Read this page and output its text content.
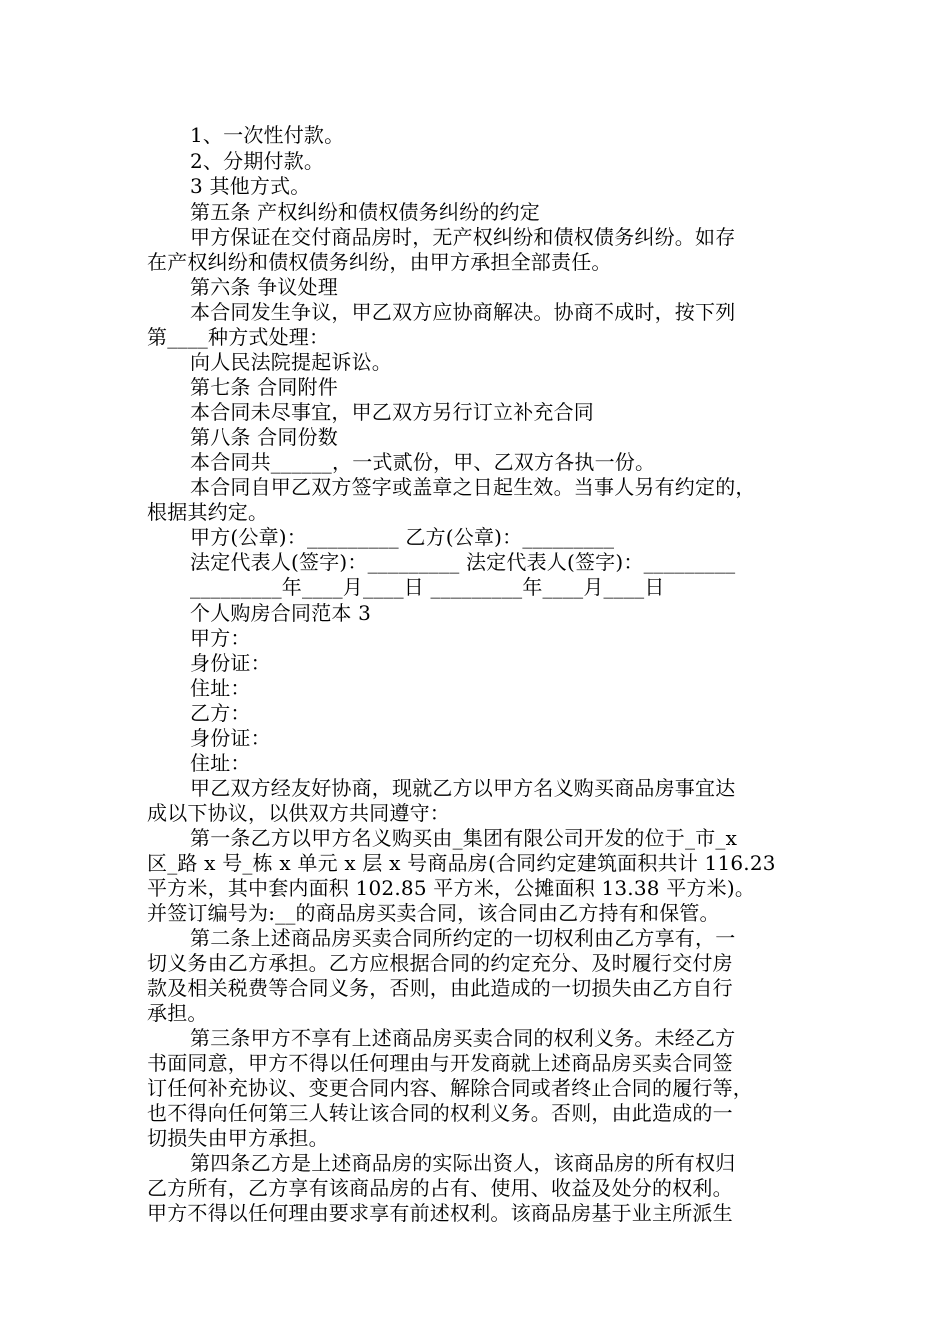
1、一次性付款。
2、分期付款。
3 其他方式。
第五条 产权纠纷和债权债务纠纷的约定
甲方保证在交付商品房时，无产权纠纷和债权债务纠纷。如存
在产权纠纷和债权债务纠纷，由甲方承担全部责任。
第六条 争议处理
本合同发生争议，甲乙双方应协商解决。协商不成时，按下列
第____种方式处理：
向人民法院提起诉讼。
第七条 合同附件
本合同未尽事宜，甲乙双方另行订立补充合同
第八条 合同份数
本合同共______，一式贰份，甲、乙双方各执一份。
本合同自甲乙双方签字或盖章之日起生效。当事人另有约定的，
根据其约定。
甲方(公章)：_________ 乙方(公章)：_________
法定代表人(签字)：_________ 法定代表人(签字)：_________
_________年____月____日 _________年____月____日
个人购房合同范本 3
甲方：
身份证：
住址：
乙方：
身份证：
住址：
甲乙双方经友好协商，现就乙方以甲方名义购买商品房事宜达
成以下协议，以供双方共同遵守：
第一条乙方以甲方名义购买由_集团有限公司开发的位于_市_x
区_路 x 号_栋 x 单元 x 层 x 号商品房(合同约定建筑面积共计 116.23
平方米，其中套内面积 102.85 平方米，公摊面积 13.38 平方米)。
并签订编号为:__的商品房买卖合同，该合同由乙方持有和保管。
第二条上述商品房买卖合同所约定的一切权利由乙方享有，一
切义务由乙方承担。乙方应根据合同的约定充分、及时履行交付房
款及相关税费等合同义务，否则，由此造成的一切损失由乙方自行
承担。
第三条甲方不享有上述商品房买卖合同的权利义务。未经乙方
书面同意，甲方不得以任何理由与开发商就上述商品房买卖合同签
订任何补充协议、变更合同内容、解除合同或者终止合同的履行等，
也不得向任何第三人转让该合同的权利义务。否则，由此造成的一
切损失由甲方承担。
第四条乙方是上述商品房的实际出资人，该商品房的所有权归
乙方所有，乙方享有该商品房的占有、使用、收益及处分的权利。
甲方不得以任何理由要求享有前述权利。该商品房基于业主所派生
